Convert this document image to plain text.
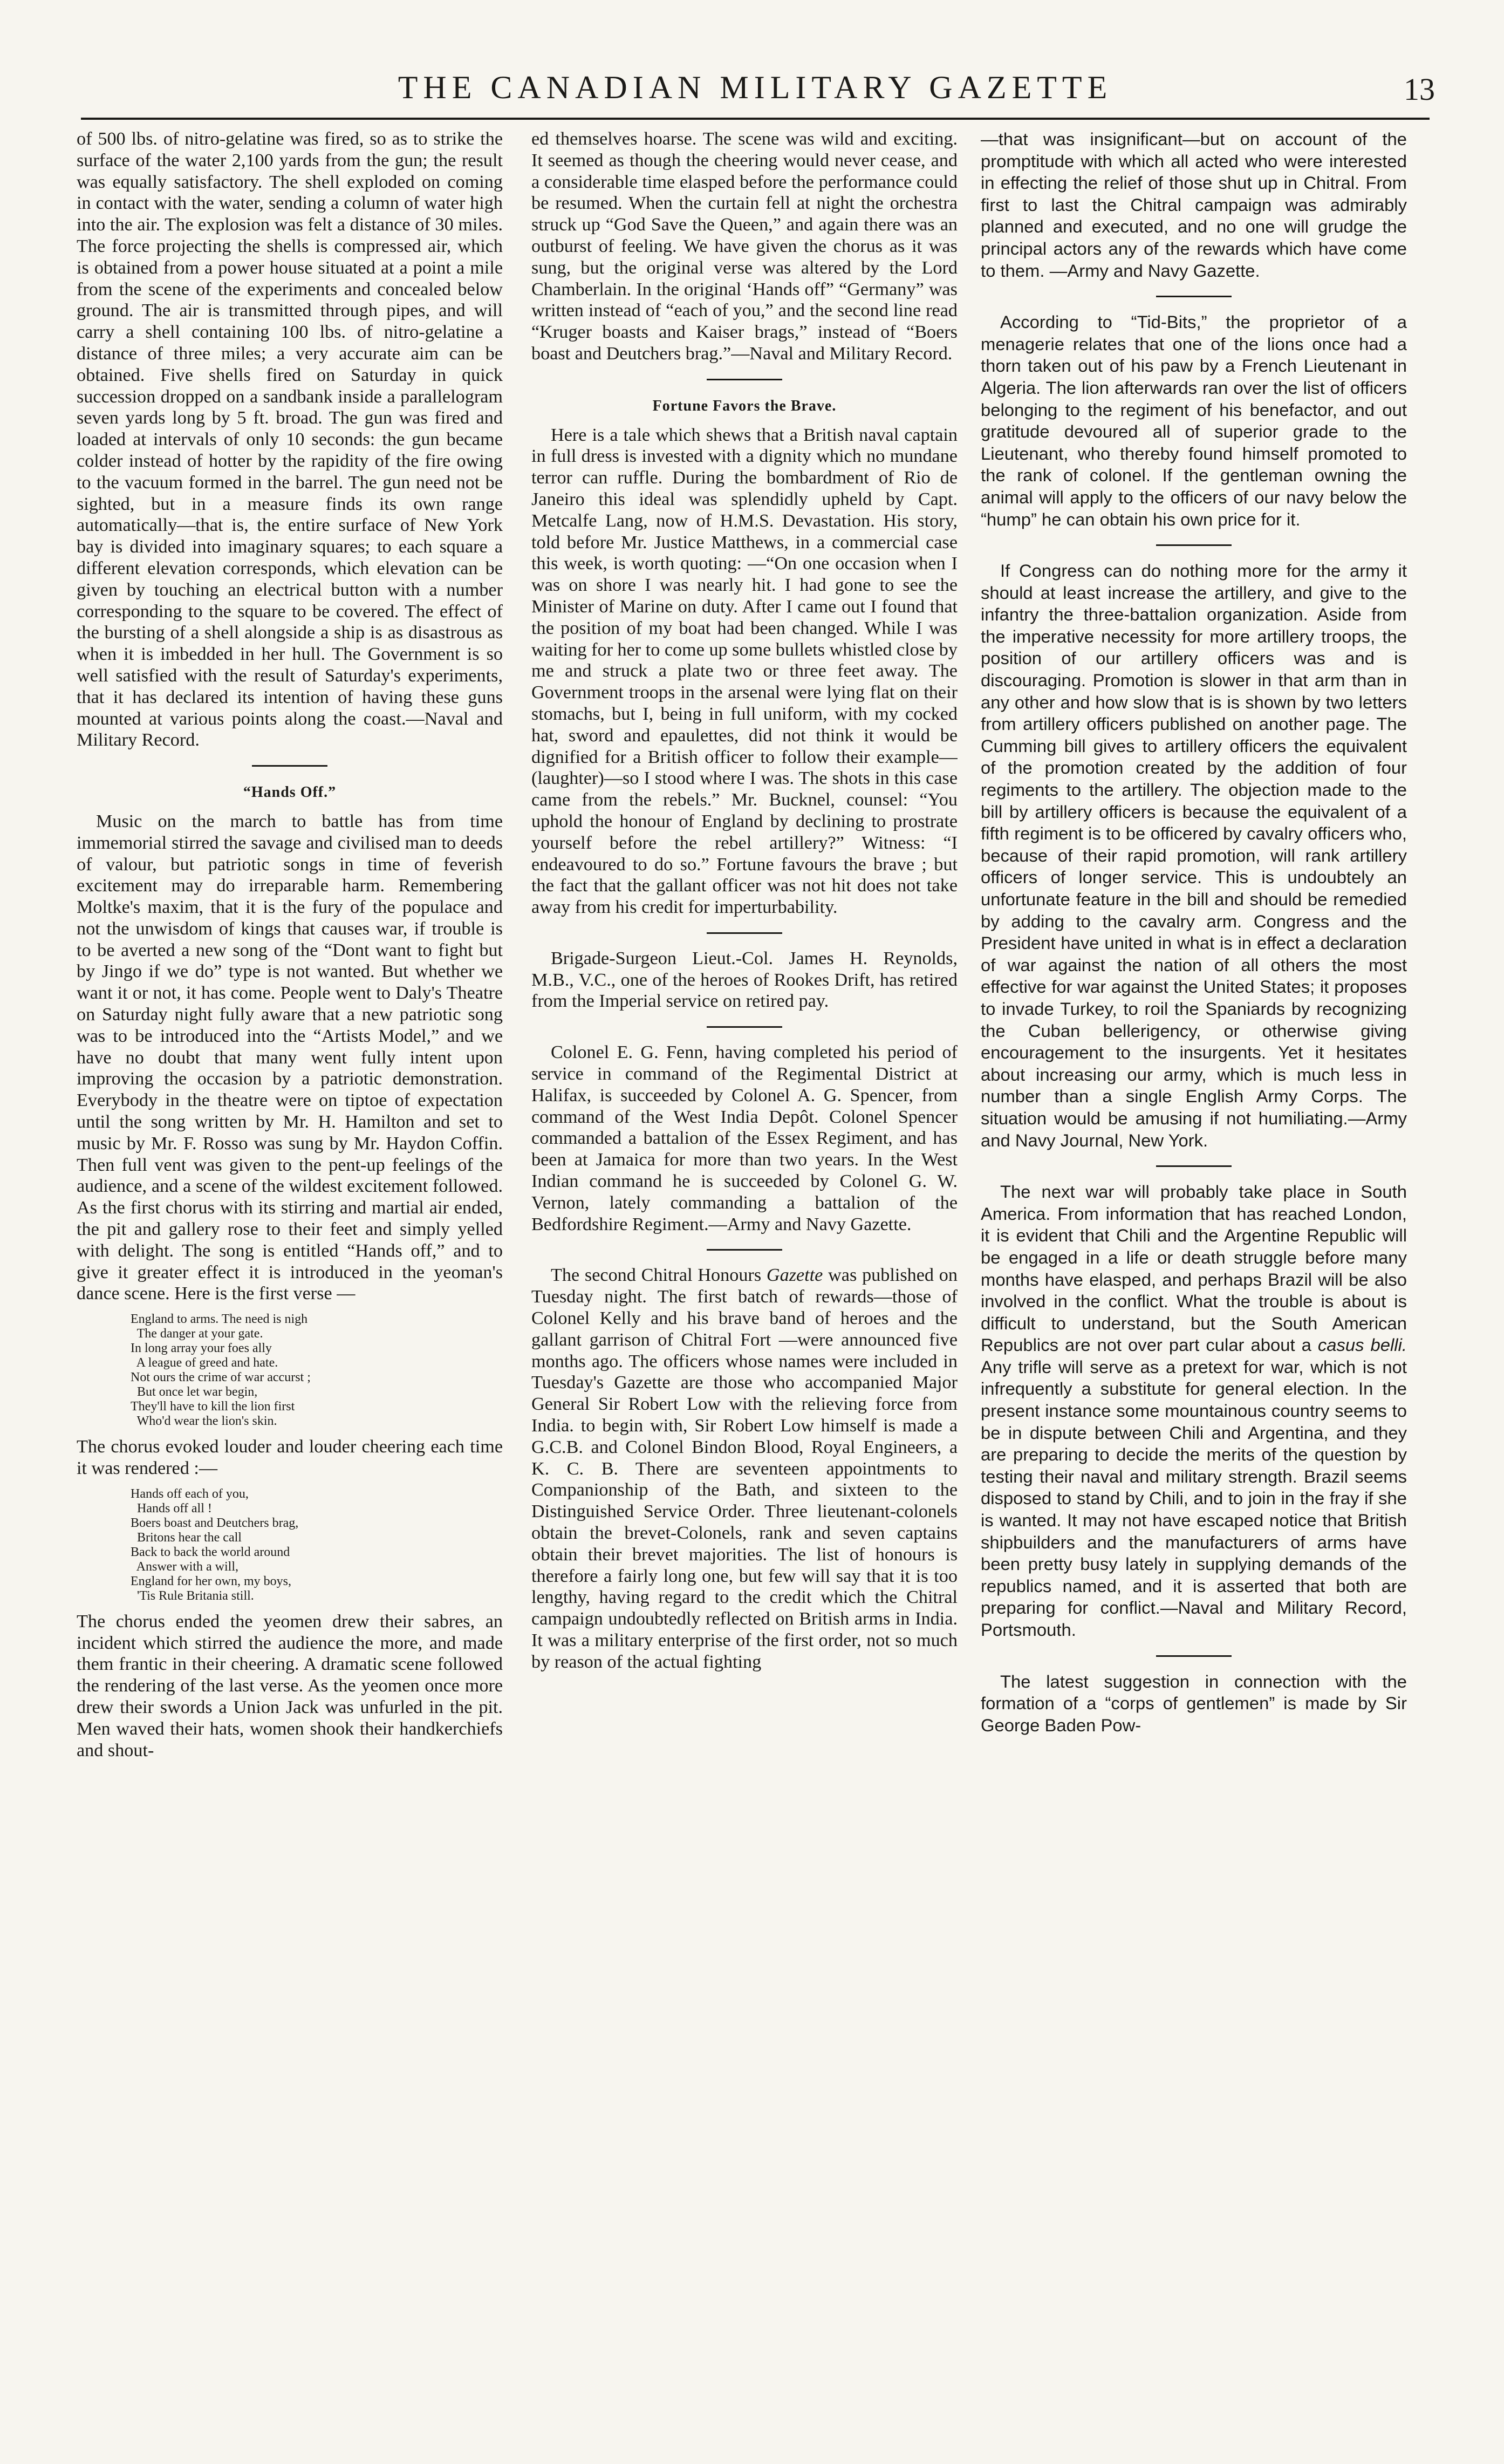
THE CANADIAN MILITARY GAZETTE	13

of 500 lbs. of nitro-gelatine was fired, so as to strike the surface of the water 2,100 yards from the gun; the result was equally satisfactory. The shell exploded on coming in contact with the water, sending a column of water high into the air. The explosion was felt a distance of 30 miles. The force projecting the shells is compressed air, which is obtained from a power house situated at a point a mile from the scene of the experiments and concealed below ground. The air is transmitted through pipes, and will carry a shell containing 100 lbs. of nitro-gelatine a distance of three miles; a very accurate aim can be obtained. Five shells fired on Saturday in quick succession dropped on a sandbank inside a parallelogram seven yards long by 5 ft. broad. The gun was fired and loaded at intervals of only 10 seconds: the gun became colder instead of hotter by the rapidity of the fire owing to the vacuum formed in the barrel. The gun need not be sighted, but in a measure finds its own range automatically—that is, the entire surface of New York bay is divided into imaginary squares; to each square a different elevation corresponds, which elevation can be given by touching an electrical button with a number corresponding to the square to be covered. The effect of the bursting of a shell alongside a ship is as disastrous as when it is imbedded in her hull. The Government is so well satisfied with the result of Saturday's experiments, that it has declared its intention of having these guns mounted at various points along the coast.—Naval and Military Record.

“Hands Off.”

Music on the march to battle has from time immemorial stirred the savage and civilised man to deeds of valour, but patriotic songs in time of feverish excitement may do irreparable harm. Remembering Moltke's maxim, that it is the fury of the populace and not the unwisdom of kings that causes war, if trouble is to be averted a new song of the “Dont want to fight but by Jingo if we do” type is not wanted. But whether we want it or not, it has come. People went to Daly's Theatre on Saturday night fully aware that a new patriotic song was to be introduced into the “Artists Model,” and we have no doubt that many went fully intent upon improving the occasion by a patriotic demonstration. Everybody in the theatre were on tiptoe of expectation until the song written by Mr. H. Hamilton and set to music by Mr. F. Rosso was sung by Mr. Haydon Coffin. Then full vent was given to the pent-up feelings of the audience, and a scene of the wildest excitement followed. As the first chorus with its stirring and martial air ended, the pit and gallery rose to their feet and simply yelled with delight. The song is entitled “Hands off,” and to give it greater effect it is introduced in the yeoman's dance scene. Here is the first verse —

England to arms. The need is nigh
The danger at your gate.
In long array your foes ally
A league of greed and hate.
Not ours the crime of war accurst ;
But once let war begin,
They'll have to kill the lion first
Who'd wear the lion's skin.

The chorus evoked louder and louder cheering each time it was rendered :—

Hands off each of you,
Hands off all !
Boers boast and Deutchers brag,
Britons hear the call
Back to back the world around
Answer with a will,
England for her own, my boys,
'Tis Rule Britania still.

The chorus ended the yeomen drew their sabres, an incident which stirred the audience the more, and made them frantic in their cheering. A dramatic scene followed the rendering of the last verse. As the yeomen once more drew their swords a Union Jack was unfurled in the pit. Men waved their hats, women shook their handkerchiefs and shout-

ed themselves hoarse. The scene was wild and exciting. It seemed as though the cheering would never cease, and a considerable time elasped before the performance could be resumed. When the curtain fell at night the orchestra struck up “God Save the Queen,” and again there was an outburst of feeling. We have given the chorus as it was sung, but the original verse was altered by the Lord Chamberlain. In the original ‘Hands off” “Germany” was written instead of “each of you,” and the second line read “Kruger boasts and Kaiser brags,” instead of “Boers boast and Deutchers brag.”—Naval and Military Record.

Fortune Favors the Brave.

Here is a tale which shews that a British naval captain in full dress is invested with a dignity which no mundane terror can ruffle. During the bombardment of Rio de Janeiro this ideal was splendidly upheld by Capt. Metcalfe Lang, now of H.M.S. Devastation. His story, told before Mr. Justice Matthews, in a commercial case this week, is worth quoting: —“On one occasion when I was on shore I was nearly hit. I had gone to see the Minister of Marine on duty. After I came out I found that the position of my boat had been changed. While I was waiting for her to come up some bullets whistled close by me and struck a plate two or three feet away. The Government troops in the arsenal were lying flat on their stomachs, but I, being in full uniform, with my cocked hat, sword and epaulettes, did not think it would be dignified for a British officer to follow their example—(laughter)—so I stood where I was. The shots in this case came from the rebels.” Mr. Bucknel, counsel: “You uphold the honour of England by declining to prostrate yourself before the rebel artillery?” Witness: “I endeavoured to do so.” Fortune favours the brave ; but the fact that the gallant officer was not hit does not take away from his credit for imperturbability.

Brigade-Surgeon Lieut.-Col. James H. Reynolds, M.B., V.C., one of the heroes of Rookes Drift, has retired from the Imperial service on retired pay.

Colonel E. G. Fenn, having completed his period of service in command of the Regimental District at Halifax, is succeeded by Colonel A. G. Spencer, from command of the West India Depôt. Colonel Spencer commanded a battalion of the Essex Regiment, and has been at Jamaica for more than two years. In the West Indian command he is succeeded by Colonel G. W. Vernon, lately commanding a battalion of the Bedfordshire Regiment.—Army and Navy Gazette.

The second Chitral Honours Gazette was published on Tuesday night. The first batch of rewards—those of Colonel Kelly and his brave band of heroes and the gallant garrison of Chitral Fort —were announced five months ago. The officers whose names were included in Tuesday's Gazette are those who accompanied Major General Sir Robert Low with the relieving force from India. to begin with, Sir Robert Low himself is made a G.C.B. and Colonel Bindon Blood, Royal Engineers, a K. C. B. There are seventeen appointments to Companionship of the Bath, and sixteen to the Distinguished Service Order. Three lieutenant-colonels obtain the brevet-Colonels, rank and seven captains obtain their brevet majorities. The list of honours is therefore a fairly long one, but few will say that it is too lengthy, having regard to the credit which the Chitral campaign undoubtedly reflected on British arms in India. It was a military enterprise of the first order, not so much by reason of the actual fighting

—that was insignificant—but on account of the promptitude with which all acted who were interested in effecting the relief of those shut up in Chitral. From first to last the Chitral campaign was admirably planned and executed, and no one will grudge the principal actors any of the rewards which have come to them. —Army and Navy Gazette.

According to “Tid-Bits,” the proprietor of a menagerie relates that one of the lions once had a thorn taken out of his paw by a French Lieutenant in Algeria. The lion afterwards ran over the list of officers belonging to the regiment of his benefactor, and out gratitude devoured all of superior grade to the Lieutenant, who thereby found himself promoted to the rank of colonel. If the gentleman owning the animal will apply to the officers of our navy below the “hump” he can obtain his own price for it.

If Congress can do nothing more for the army it should at least increase the artillery, and give to the infantry the three-battalion organization. Aside from the imperative necessity for more artillery troops, the position of our artillery officers was and is discouraging. Promotion is slower in that arm than in any other and how slow that is is shown by two letters from artillery officers published on another page. The Cumming bill gives to artillery officers the equivalent of the promotion created by the addition of four regiments to the artillery. The objection made to the bill by artillery officers is because the equivalent of a fifth regiment is to be officered by cavalry officers who, because of their rapid promotion, will rank artillery officers of longer service. This is undoubtely an unfortunate feature in the bill and should be remedied by adding to the cavalry arm. Congress and the President have united in what is in effect a declaration of war against the nation of all others the most effective for war against the United States; it proposes to invade Turkey, to roil the Spaniards by recognizing the Cuban bellerigency, or otherwise giving encouragement to the insurgents. Yet it hesitates about increasing our army, which is much less in number than a single English Army Corps. The situation would be amusing if not humiliating.—Army and Navy Journal, New York.

The next war will probably take place in South America. From information that has reached London, it is evident that Chili and the Argentine Republic will be engaged in a life or death struggle before many months have elasped, and perhaps Brazil will be also involved in the conflict. What the trouble is about is difficult to understand, but the South American Republics are not over part cular about a casus belli. Any trifle will serve as a pretext for war, which is not infrequently a substitute for general election. In the present instance some mountainous country seems to be in dispute between Chili and Argentina, and they are preparing to decide the merits of the question by testing their naval and military strength. Brazil seems disposed to stand by Chili, and to join in the fray if she is wanted. It may not have escaped notice that British shipbuilders and the manufacturers of arms have been pretty busy lately in supplying demands of the republics named, and it is asserted that both are preparing for conflict.—Naval and Military Record, Portsmouth.

The latest suggestion in connection with the formation of a “corps of gentlemen” is made by Sir George Baden Pow-
